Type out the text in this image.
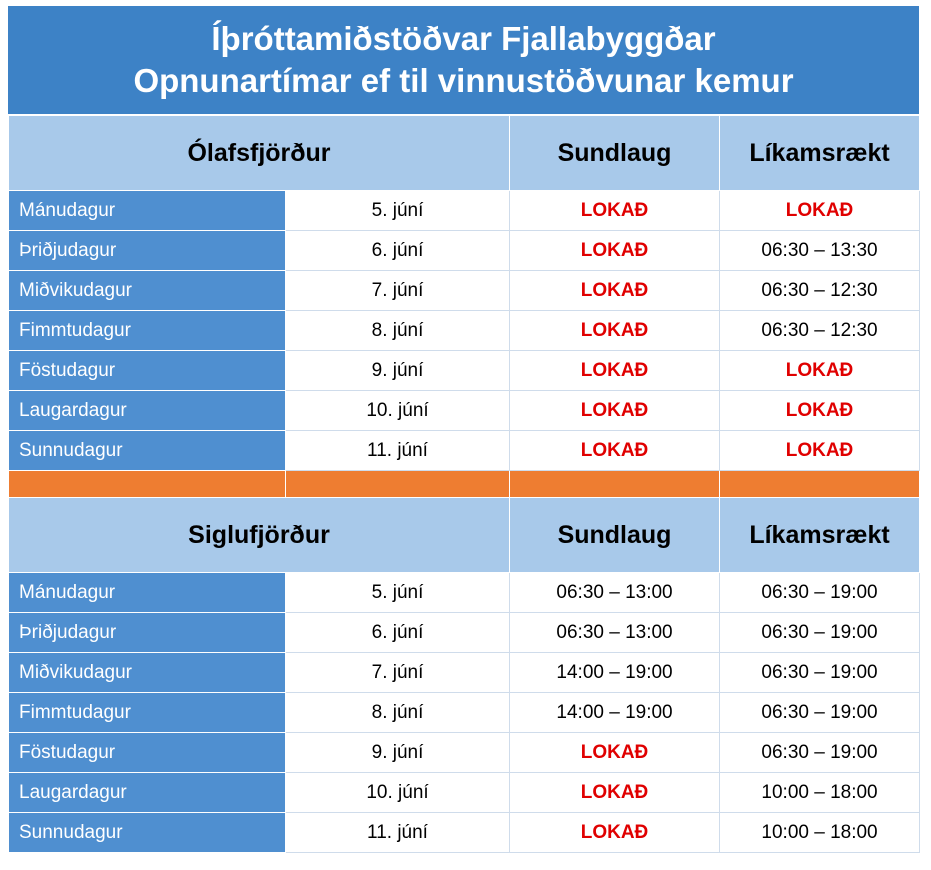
Íþróttamiðstöðvar Fjallabyggðar
Opnunartímar ef til vinnustöðvunar kemur
Ólafsfjörður		Sundlaug	Líkamsrækt
Mánudagur	5. júní	LOKAÐ	LOKAÐ
Þriðjudagur	6. júní	LOKAÐ	06:30 – 13:30
Miðvikudagur	7. júní	LOKAÐ	06:30 – 12:30
Fimmtudagur	8. júní	LOKAÐ	06:30 – 12:30
Föstudagur	9. júní	LOKAÐ	LOKAÐ
Laugardagur	10. júní	LOKAÐ	LOKAÐ
Sunnudagur	11. júní	LOKAÐ	LOKAÐ

Siglufjörður		Sundlaug	Líkamsrækt
Mánudagur	5. júní	06:30 – 13:00	06:30 – 19:00
Þriðjudagur	6. júní	06:30 – 13:00	06:30 – 19:00
Miðvikudagur	7. júní	14:00 – 19:00	06:30 – 19:00
Fimmtudagur	8. júní	14:00 – 19:00	06:30 – 19:00
Föstudagur	9. júní	LOKAÐ	06:30 – 19:00
Laugardagur	10. júní	LOKAÐ	10:00 – 18:00
Sunnudagur	11. júní	LOKAÐ	10:00 – 18:00
